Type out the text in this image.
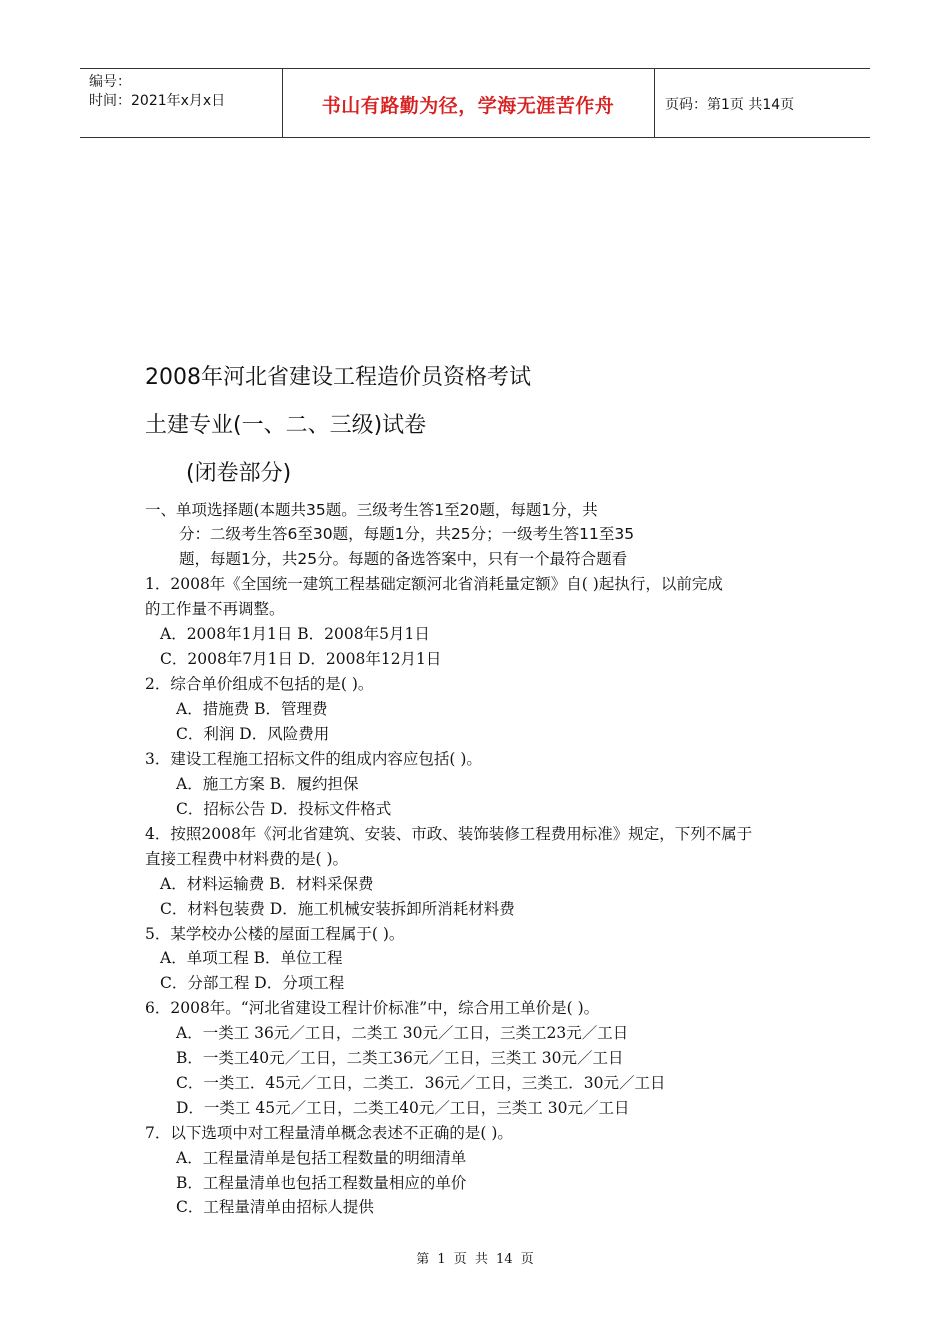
编号：
时间：2021年x月x日	书山有路勤为径，学海无涯苦作舟	页码：第1页 共14页
2008年河北省建设工程造价员资格考试
土建专业(一、二、三级)试卷
(闭卷部分)
一、单项选择题(本题共35题。三级考生答1至20题，每题1分，共
分：二级考生答6至30题，每题1分，共25分；一级考生答11至35
题，每题1分，共25分。每题的备选答案中，只有一个最符合题看
1．2008年《全国统一建筑工程基础定额河北省消耗量定额》自( )起执行，以前完成
的工作量不再调整。
A．2008年1月1日 B．2008年5月1日
C．2008年7月1日 D．2008年12月1日
2．综合单价组成不包括的是( )。
A．措施费 B．管理费
C．利润 D．风险费用
3．建设工程施工招标文件的组成内容应包括( )。
A．施工方案 B．履约担保
C．招标公告 D．投标文件格式
4．按照2008年《河北省建筑、安装、市政、装饰装修工程费用标准》规定，下列不属于
直接工程费中材料费的是( )。
A．材料运输费 B．材料采保费
C．材料包装费 D．施工机械安装拆卸所消耗材料费
5．某学校办公楼的屋面工程属于( )。
A．单项工程 B．单位工程
C．分部工程 D．分项工程
6．2008年。“河北省建设工程计价标准”中，综合用工单价是( )。
A．一类工 36元／工日，二类工 30元／工日，三类工23元／工日
B．一类工40元／工日，二类工36元／工日，三类工 30元／工日
C．一类工．45元／工日，二类工．36元／工日，三类工．30元／工日
D．一类工 45元／工日，二类工40元／工日，三类工 30元／工日
7．以下选项中对工程量清单概念表述不正确的是( )。
A．工程量清单是包括工程数量的明细清单
B．工程量清单也包括工程数量相应的单价
C．工程量清单由招标人提供
第 1 页 共 14 页
